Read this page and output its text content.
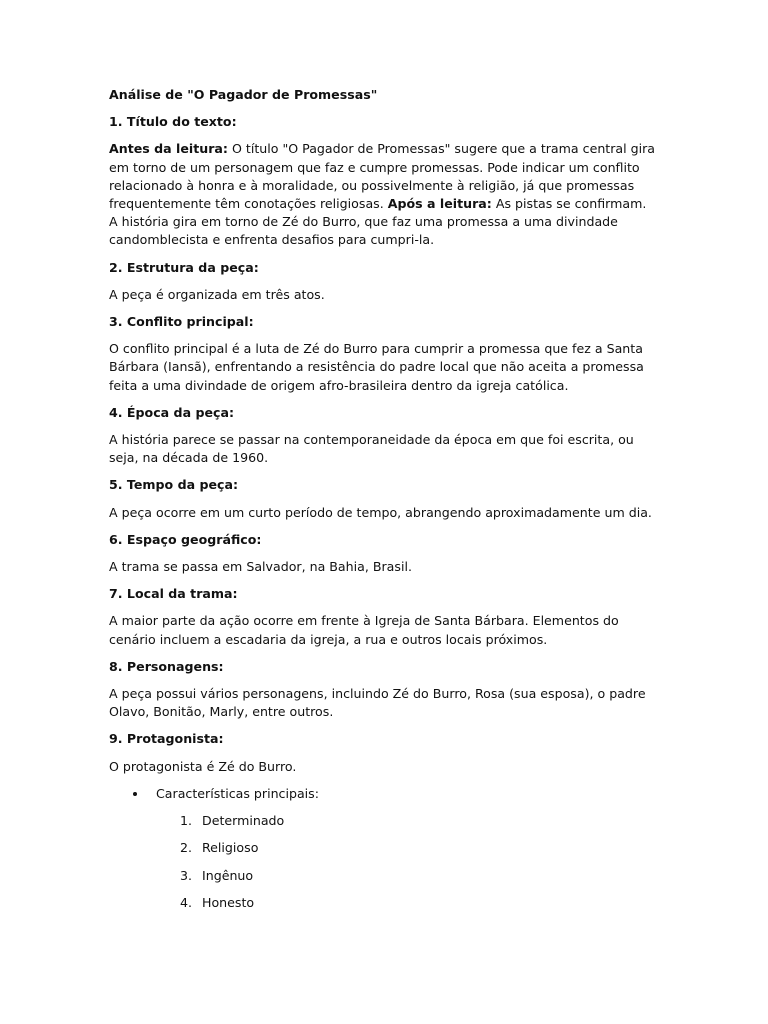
Análise de "O Pagador de Promessas"

1. Título do texto:

Antes da leitura: O título "O Pagador de Promessas" sugere que a trama central gira em torno de um personagem que faz e cumpre promessas. Pode indicar um conflito relacionado à honra e à moralidade, ou possivelmente à religião, já que promessas frequentemente têm conotações religiosas. Após a leitura: As pistas se confirmam. A história gira em torno de Zé do Burro, que faz uma promessa a uma divindade candomblecista e enfrenta desafios para cumpri-la.

2. Estrutura da peça:

A peça é organizada em três atos.

3. Conflito principal:

O conflito principal é a luta de Zé do Burro para cumprir a promessa que fez a Santa Bárbara (Iansã), enfrentando a resistência do padre local que não aceita a promessa feita a uma divindade de origem afro-brasileira dentro da igreja católica.

4. Época da peça:

A história parece se passar na contemporaneidade da época em que foi escrita, ou seja, na década de 1960.

5. Tempo da peça:

A peça ocorre em um curto período de tempo, abrangendo aproximadamente um dia.

6. Espaço geográfico:

A trama se passa em Salvador, na Bahia, Brasil.

7. Local da trama:

A maior parte da ação ocorre em frente à Igreja de Santa Bárbara. Elementos do cenário incluem a escadaria da igreja, a rua e outros locais próximos.

8. Personagens:

A peça possui vários personagens, incluindo Zé do Burro, Rosa (sua esposa), o padre Olavo, Bonitão, Marly, entre outros.

9. Protagonista:

O protagonista é Zé do Burro.

Características principais:
1. Determinado
2. Religioso
3. Ingênuo
4. Honesto
